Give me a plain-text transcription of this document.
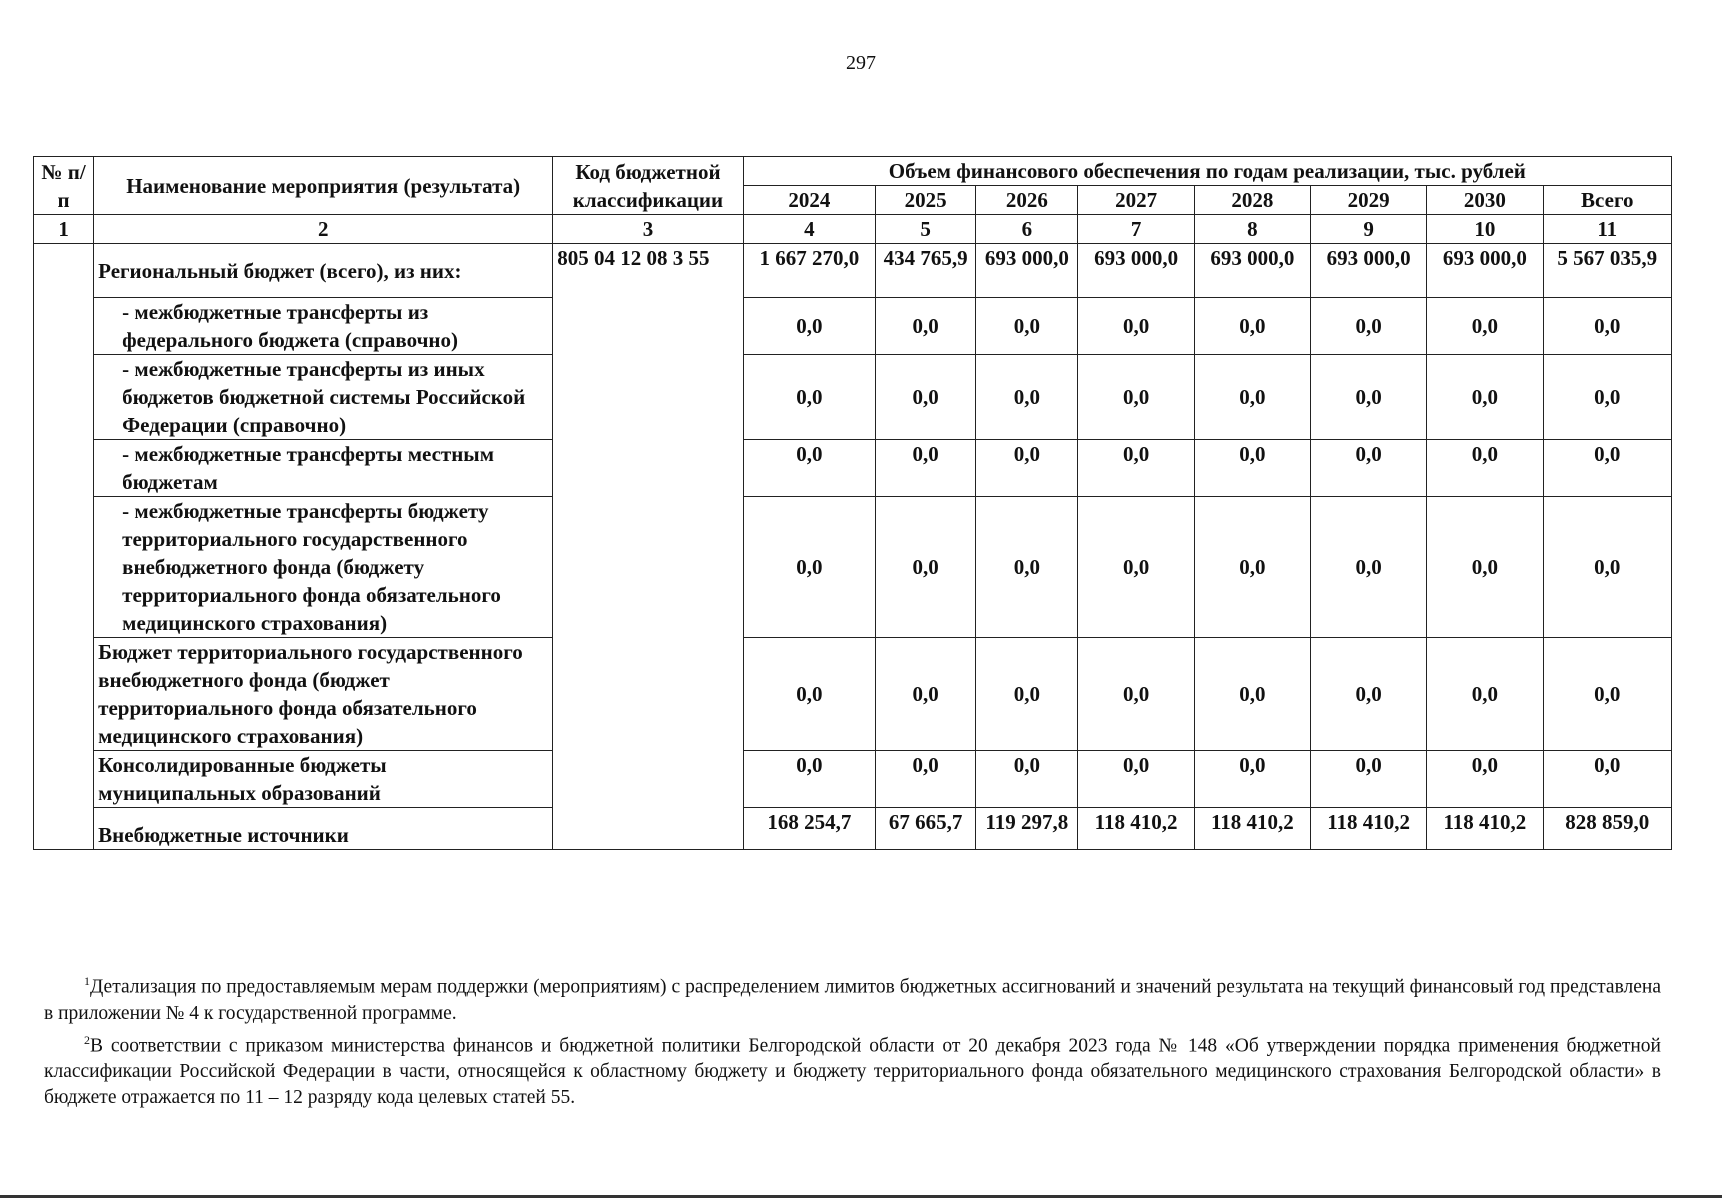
297
№ п/п	Наименование мероприятия (результата)	Код бюджетной классификации	Объем финансового обеспечения по годам реализации, тыс. рублей							
			2024	2025	2026	2027	2028	2029	2030	Всего
1	2	3	4	5	6	7	8	9	10	11
	Региональный бюджет (всего), из них:	805 04 12 08 3 55	1 667 270,0	434 765,9	693 000,0	693 000,0	693 000,0	693 000,0	693 000,0	5 567 035,9
	- межбюджетные трансферты из федерального бюджета (справочно)		0,0	0,0	0,0	0,0	0,0	0,0	0,0	0,0
	- межбюджетные трансферты из иных бюджетов бюджетной системы Российской Федерации (справочно)		0,0	0,0	0,0	0,0	0,0	0,0	0,0	0,0
	- межбюджетные трансферты местным бюджетам		0,0	0,0	0,0	0,0	0,0	0,0	0,0	0,0
	- межбюджетные трансферты бюджету территориального государственного внебюджетного фонда (бюджету территориального фонда обязательного медицинского страхования)		0,0	0,0	0,0	0,0	0,0	0,0	0,0	0,0
	Бюджет территориального государственного внебюджетного фонда (бюджет территориального фонда обязательного медицинского страхования)		0,0	0,0	0,0	0,0	0,0	0,0	0,0	0,0
	Консолидированные бюджеты муниципальных образований		0,0	0,0	0,0	0,0	0,0	0,0	0,0	0,0
	Внебюджетные источники		168 254,7	67 665,7	119 297,8	118 410,2	118 410,2	118 410,2	118 410,2	828 859,0

$^1$Детализация по предоставляемым мерам поддержки (мероприятиям) с распределением лимитов бюджетных ассигнований и значений результата на текущий финансовый год представлена в приложении № 4 к государственной программе.

$^2$В соответствии с приказом министерства финансов и бюджетной политики Белгородской области от 20 декабря 2023 года № 148 «Об утверждении порядка применения бюджетной классификации Российской Федерации в части, относящейся к областному бюджету и бюджету территориального фонда обязательного медицинского страхования Белгородской области» в бюджете отражается по 11 – 12 разряду кода целевых статей 55.
